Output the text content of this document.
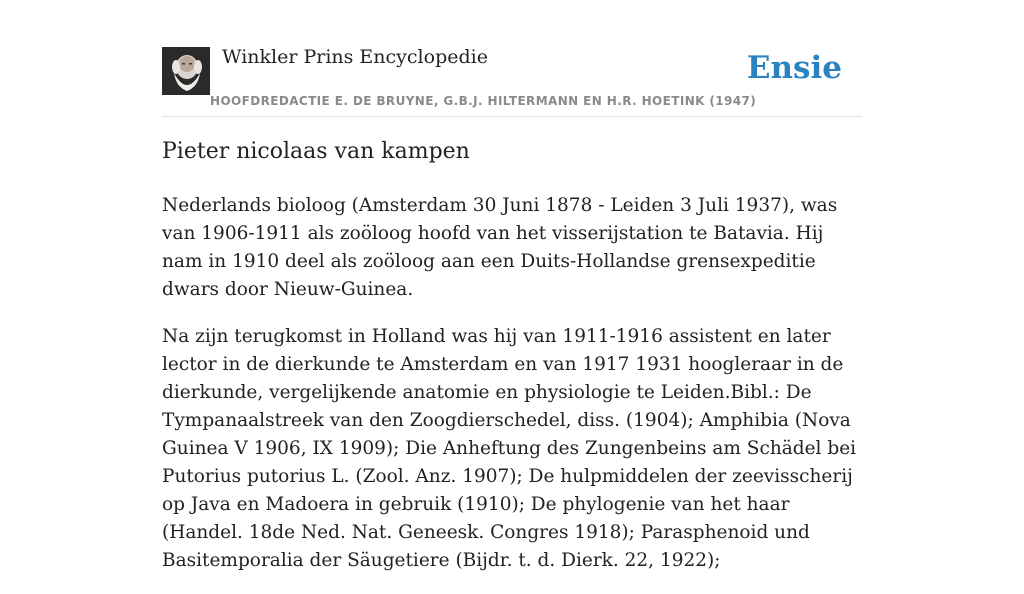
Winkler Prins Encyclopedie
HOOFDREDACTIE E. DE BRUYNE, G.B.J. HILTERMANN EN H.R. HOETINK (1947)
Ensie
Pieter nicolaas van kampen

Nederlands bioloog (Amsterdam 30 Juni 1878 - Leiden 3 Juli 1937), was van 1906-1911 als zoöloog hoofd van het visserijstation te Batavia. Hij nam in 1910 deel als zoöloog aan een Duits-Hollandse grensexpeditie dwars door Nieuw-Guinea.

Na zijn terugkomst in Holland was hij van 1911-1916 assistent en later lector in de dierkunde te Amsterdam en van 1917 1931 hoogleraar in de dierkunde, vergelijkende anatomie en physiologie te Leiden.Bibl.: De Tympanaalstreek van den Zoogdierschedel, diss. (1904); Amphibia (Nova Guinea V 1906, IX 1909); Die Anheftung des Zungenbeins am Schädel bei Putorius putorius L. (Zool. Anz. 1907); De hulpmiddelen der zeevisscherij op Java en Madoera in gebruik (1910); De phylogenie van het haar (Handel. 18de Ned. Nat. Geneesk. Congres 1918); Parasphenoid und Basitemporalia der Säugetiere (Bijdr. t. d. Dierk. 22, 1922);
